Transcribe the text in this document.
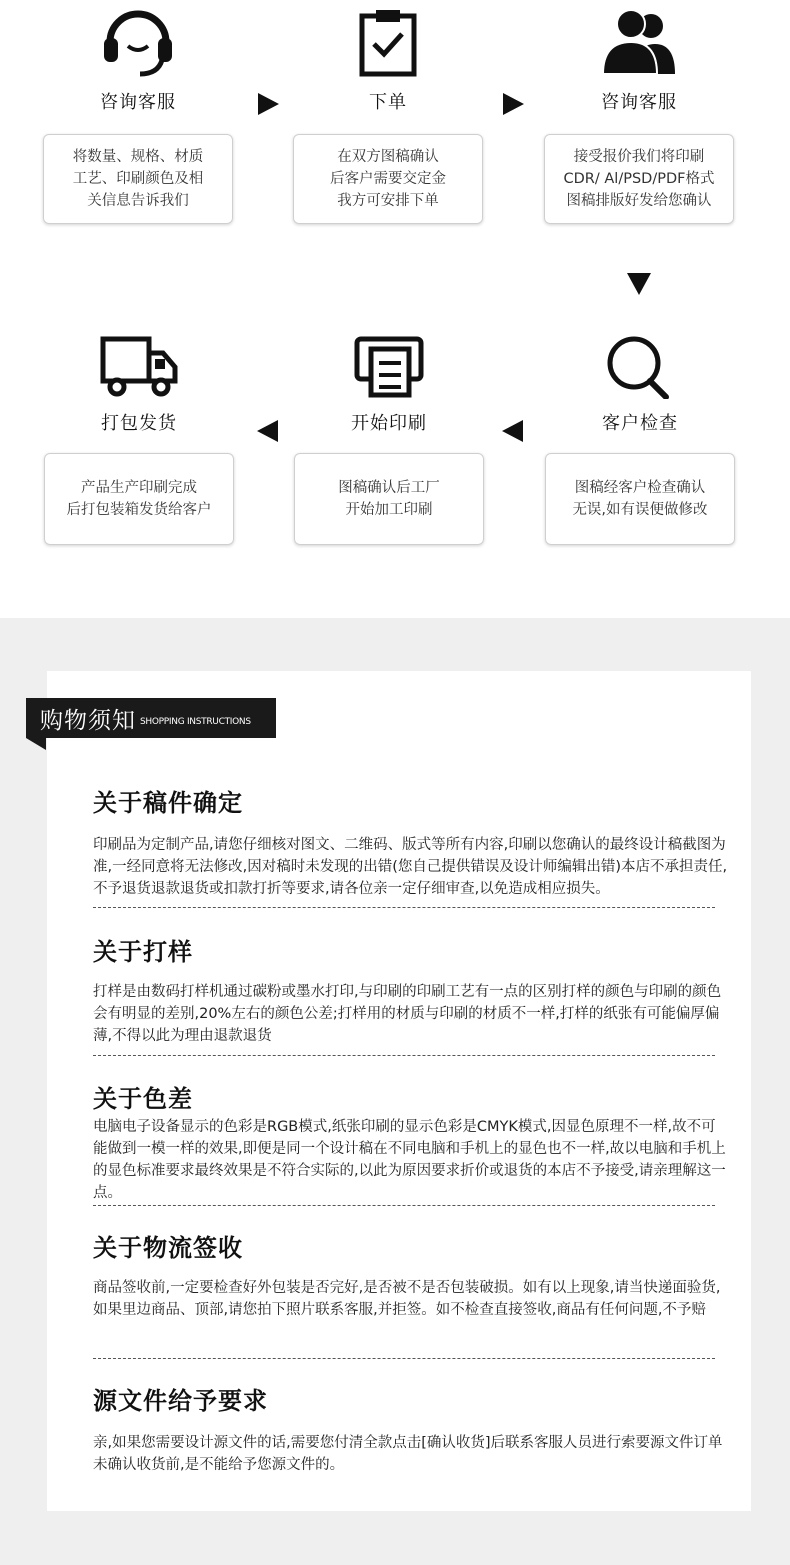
咨询客服
将数量、规格、材质
工艺、印刷颜色及相
关信息告诉我们
下单
在双方图稿确认
后客户需要交定金
我方可安排下单
咨询客服
接受报价我们将印刷
CDR/ Al/PSD/PDF格式
图稿排版好发给您确认
打包发货
产品生产印刷完成
后打包装箱发货给客户
开始印刷
图稿确认后工厂
开始加工印刷
客户检查
图稿经客户检查确认
无误,如有误便做修改
购物须知 SHOPPING INSTRUCTIONS
关于稿件确定

印刷品为定制产品,请您仔细核对图文、二维码、版式等所有内容,印刷以您确认的最终设计稿截图为准,一经同意将无法修改,因对稿时未发现的出错(您自己提供错误及设计师编辑出错)本店不承担责任,不予退货退款退货或扣款打折等要求,请各位亲一定仔细审查,以免造成相应损失。

关于打样

打样是由数码打样机通过碳粉或墨水打印,与印刷的印刷工艺有一点的区别打样的颜色与印刷的颜色会有明显的差别,20%左右的颜色公差;打样用的材质与印刷的材质不一样,打样的纸张有可能偏厚偏薄,不得以此为理由退款退货

关于色差

电脑电子设备显示的色彩是RGB模式,纸张印刷的显示色彩是CMYK模式,因显色原理不一样,故不可能做到一模一样的效果,即便是同一个设计稿在不同电脑和手机上的显色也不一样,故以电脑和手机上的显色标准要求最终效果是不符合实际的,以此为原因要求折价或退货的本店不予接受,请亲理解这一点。

关于物流签收

商品签收前,一定要检查好外包装是否完好,是否被不是否包装破损。如有以上现象,请当快递面验货,如果里边商品、顶部,请您拍下照片联系客服,并拒签。如不检查直接签收,商品有任何问题,不予赔

源文件给予要求

亲,如果您需要设计源文件的话,需要您付清全款点击[确认收货]后联系客服人员进行索要源文件订单未确认收货前,是不能给予您源文件的。
